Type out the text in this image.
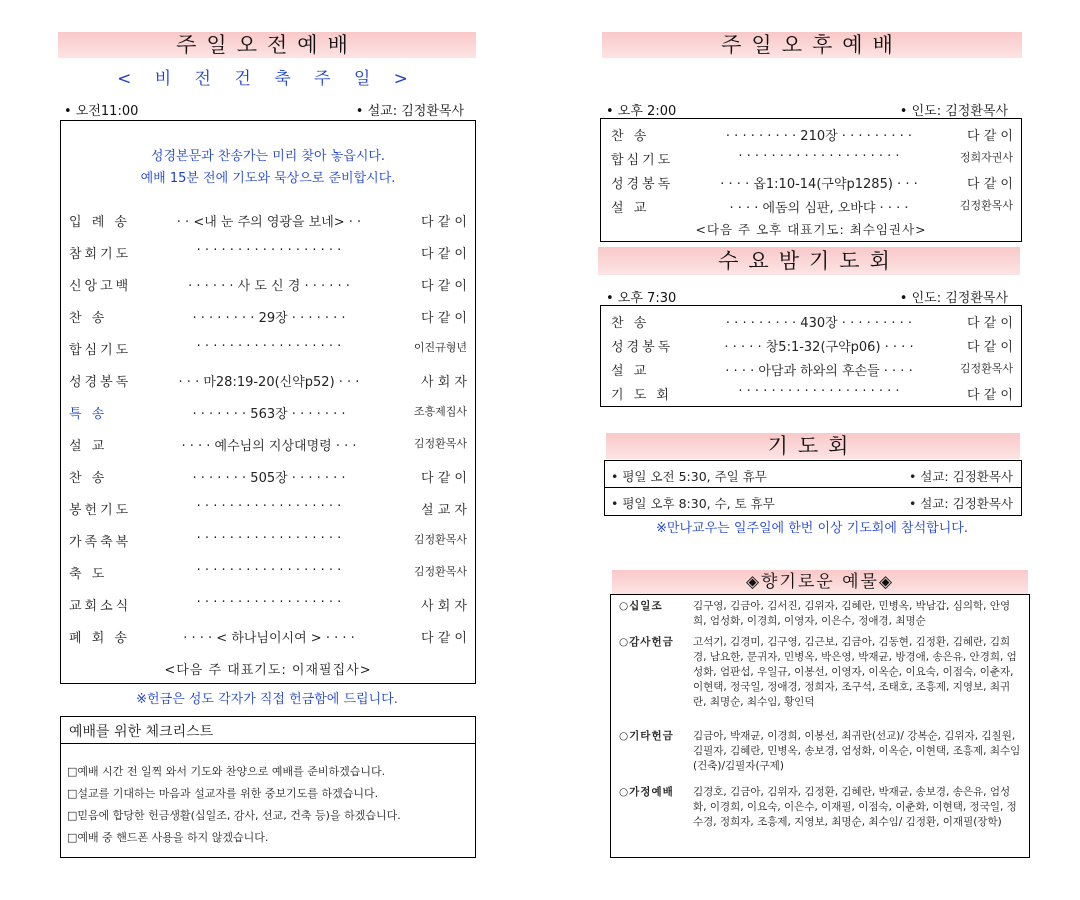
주일오전예배
< 비 전 건 축 주 일 >
• 오전11:00	• 설교: 김정환목사
성경본문과 찬송가는 미리 찾아 놓읍시다.
예배 15분 전에 기도와 묵상으로 준비합시다.
입 례 송	· · <내 눈 주의 영광을 보네> · ·	다 같 이
참회기도	· · · · · · · · · · · · · · · · · ·	다 같 이
신앙고백	· · · · · · 사 도 신 경 · · · · · ·	다 같 이
찬 송	· · · · · · · · 29장 · · · · · · ·	다 같 이
합심기도	· · · · · · · · · · · · · · · · · ·	이진규형년
성경봉독	· · · 마28:19-20(신약p52) · · ·	사 회 자
특 송	· · · · · · · 563장 · · · · · · ·	조흥제집사
설 교	· · · · 예수님의 지상대명령 · · ·	김정환목사
찬 송	· · · · · · · 505장 · · · · · · ·	다 같 이
봉헌기도	· · · · · · · · · · · · · · · · · ·	설 교 자
가족축복	· · · · · · · · · · · · · · · · · ·	김정환목사
축 도	· · · · · · · · · · · · · · · · · ·	김정환목사
교회소식	· · · · · · · · · · · · · · · · · ·	사 회 자
폐 회 송	· · · · < 하나님이시여 > · · · ·	다 같 이
<다음 주 대표기도: 이재필집사>
※헌금은 성도 각자가 직접 헌금함에 드립니다.
예배를 위한 체크리스트
□예배 시간 전 일찍 와서 기도와 찬양으로 예배를 준비하겠습니다.
□설교를 기대하는 마음과 설교자를 위한 중보기도를 하겠습니다.
□믿음에 합당한 헌금생활(십일조, 감사, 선교, 건축 등)을 하겠습니다.
□예배 중 핸드폰 사용을 하지 않겠습니다.
주일오후예배
• 오후 2:00	• 인도: 김정환목사
찬 송	· · · · · · · · · 210장 · · · · · · · · ·	다 같 이
합심기도	· · · · · · · · · · · · · · · · · · · ·	정희자권사
성경봉독	· · · · 옵1:10-14(구약p1285) · · ·	다 같 이
설 교	· · · · 에돔의 심판, 오바댜 · · · ·	김정환목사
<다음 주 오후 대표기도: 최수임권사>
수요밤기도회
• 오후 7:30	• 인도: 김정환목사
찬 송	· · · · · · · · · 430장 · · · · · · · · ·	다 같 이
성경봉독	· · · · · 창5:1-32(구약p06) · · · ·	다 같 이
설 교	· · · · 아담과 하와의 후손들 · · · ·	김정환목사
기 도 회	· · · · · · · · · · · · · · · · · · · ·	다 같 이
기도회
• 평일 오전 5:30, 주일 휴무	• 설교: 김정환목사
• 평일 오후 8:30, 수, 토 휴무	• 설교: 김정환목사
※만나교우는 일주일에 한번 이상 기도회에 참석합니다.
◈향기로운 예물◈
○십일조	김구영, 김금아, 김서진, 김위자, 김혜란, 민병옥, 박남갑, 심의학, 안영희, 엄성화, 이경희, 이영자, 이은수, 정애경, 최명순
○감사헌금 고석기, 김경미, 김구영, 김근보, 김금아, 김동현, 김정환, 김혜란, 김희경, 남요한, 문귀자, 민병옥, 박은영, 박재균, 방경애, 송은유, 안경희, 엄성화, 엄판섭, 우일규, 이봉선, 이영자, 이옥순, 이요숙, 이점숙, 이춘자, 이현택, 정국일, 정애경, 정희자, 조구석, 조태호, 조흥제, 지영보, 최귀란, 최명순, 최수임, 황인덕
○기타헌금 김금아, 박재균, 이경희, 이봉선, 최귀란(선교)/ 강복순, 김위자, 김칠원, 김필자, 김혜란, 민병옥, 송보경, 엄성화, 이옥순, 이현택, 조흥제, 최수임(건축)/김필자(구제)
○가정예배 김경호, 김금아, 김위자, 김정환, 김혜란, 박재균, 송보경, 송은유, 엄성화, 이경희, 이요숙, 이은수, 이재필, 이점숙, 이춘화, 이현택, 정국일, 정수경, 정희자, 조흥제, 지영보, 최명순, 최수임/ 김정환, 이재필(장학)
